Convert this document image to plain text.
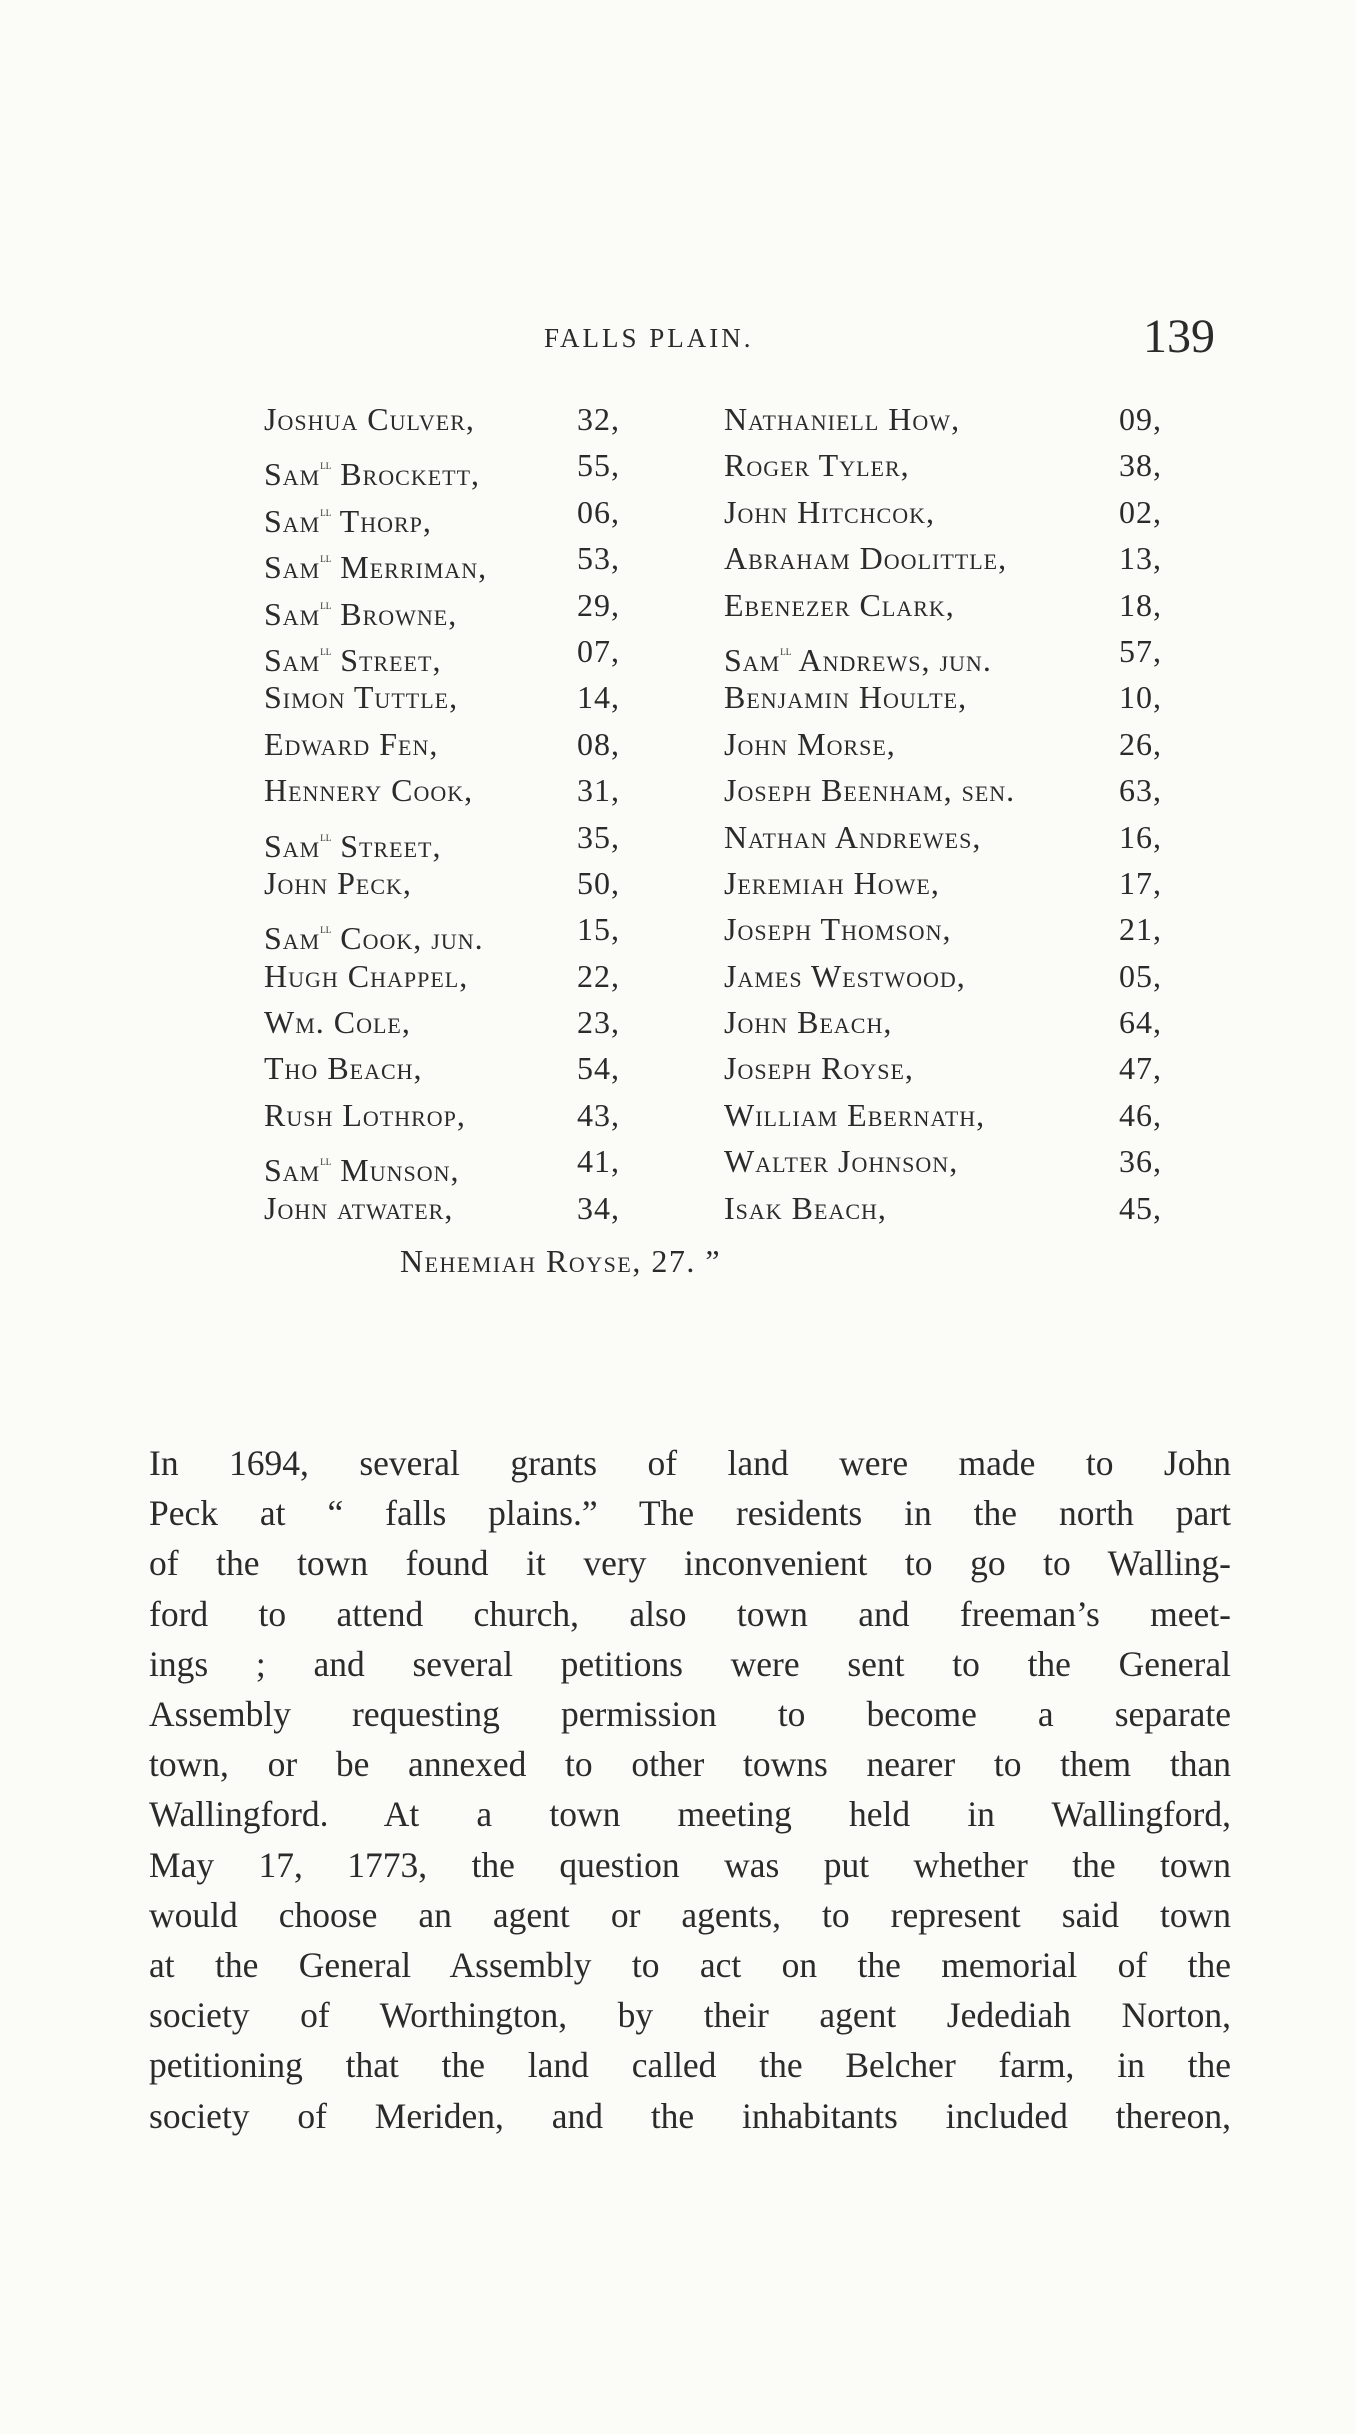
FALLS PLAIN.	139
Joshua Culver,	32,	Nathaniell How,	09,
Sam$^{ll}$ Brockett,	55,	Roger Tyler,	38,
Sam$^{ll}$ Thorp,	06,	John Hitchcok,	02,
Sam$^{ll}$ Merriman,	53,	Abraham Doolittle,	13,
Sam$^{ll}$ Browne,	29,	Ebenezer Clark,	18,
Sam$^{ll}$ Street,	07,	Sam$^{ll}$ Andrews, jun.	57,
Simon Tuttle,	14,	Benjamin Houlte,	10,
Edward Fen,	08,	John Morse,	26,
Hennery Cook,	31,	Joseph Beenham, sen.	63,
Sam$^{ll}$ Street,	35,	Nathan Andrewes,	16,
John Peck,	50,	Jeremiah Howe,	17,
Sam$^{ll}$ Cook, jun.	15,	Joseph Thomson,	21,
Hugh Chappel,	22,	James Westwood,	05,
Wm. Cole,	23,	John Beach,	64,
Tho Beach,	54,	Joseph Royse,	47,
Rush Lothrop,	43,	William Ebernath,	46,
Sam$^{ll}$ Munson,	41,	Walter Johnson,	36,
John atwater,	34,	Isak Beach,	45,
Nehemiah Royse, 27. ”
In 1694, several grants of land were made to John
Peck at “ falls plains.” The residents in the north part
of the town found it very inconvenient to go to Walling-
ford to attend church, also town and freeman’s meet-
ings ; and several petitions were sent to the General
Assembly requesting permission to become a separate
town, or be annexed to other towns nearer to them than
Wallingford. At a town meeting held in Wallingford,
May 17, 1773, the question was put whether the town
would choose an agent or agents, to represent said town
at the General Assembly to act on the memorial of the
society of Worthington, by their agent Jedediah Norton,
petitioning that the land called the Belcher farm, in the
society of Meriden, and the inhabitants included thereon,
